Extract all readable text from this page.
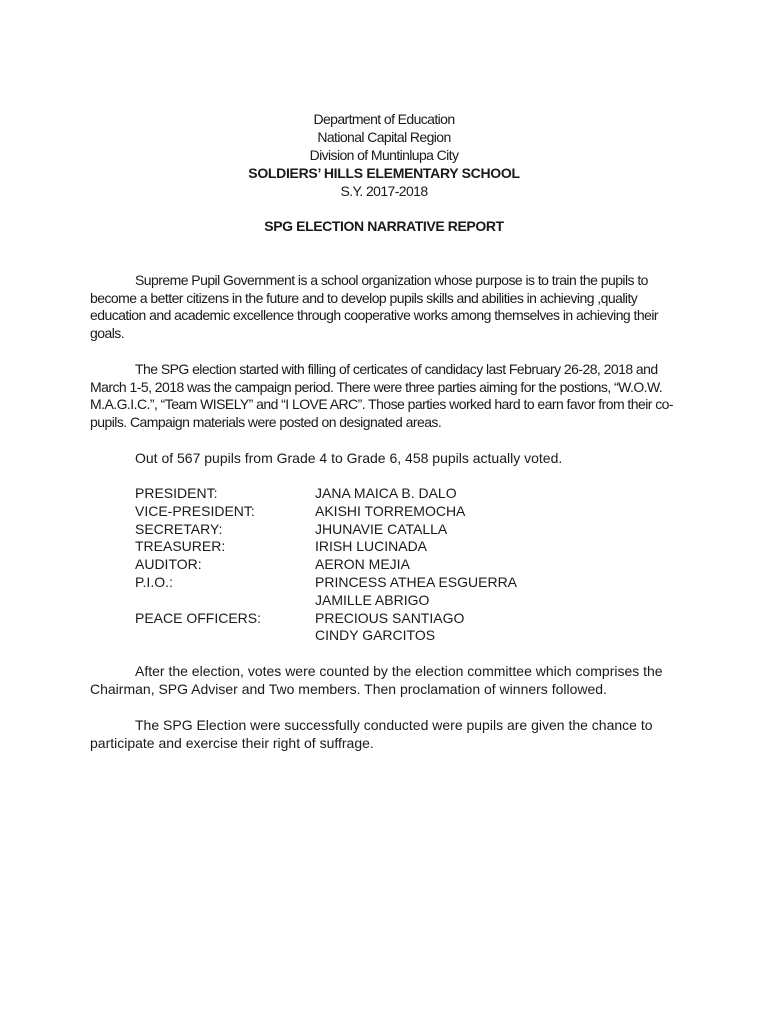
Department of Education
National Capital Region
Division of Muntinlupa City
SOLDIERS’ HILLS ELEMENTARY SCHOOL
S.Y. 2017-2018
SPG ELECTION NARRATIVE REPORT

Supreme Pupil Government is a school organization whose purpose is to train the pupils to become a better citizens in the future and to develop pupils skills and abilities in achieving ,quality education and academic excellence through cooperative works among themselves in achieving their goals.

The SPG election started with filling of certicates of candidacy last February 26-28, 2018 and March 1-5, 2018 was the campaign period. There were three parties aiming for the postions, “W.O.W. M.A.G.I.C.”, “Team WISELY” and “I LOVE ARC”. Those parties worked hard to earn favor from their co-pupils. Campaign materials were posted on designated areas.

Out of 567 pupils from Grade 4 to Grade 6, 458 pupils actually voted.

PRESIDENT:	JANA MAICA B. DALO
VICE-PRESIDENT:	AKISHI TORREMOCHA
SECRETARY:	JHUNAVIE CATALLA
TREASURER:	IRISH LUCINADA
AUDITOR:	AERON MEJIA
P.I.O.:	PRINCESS ATHEA ESGUERRA
JAMILLE ABRIGO
PEACE OFFICERS:	PRECIOUS SANTIAGO
CINDY GARCITOS

After the election, votes were counted by the election committee which comprises the Chairman, SPG Adviser and Two members. Then proclamation of winners followed.

The SPG Election were successfully conducted were pupils are given the chance to participate and exercise their right of suffrage.
